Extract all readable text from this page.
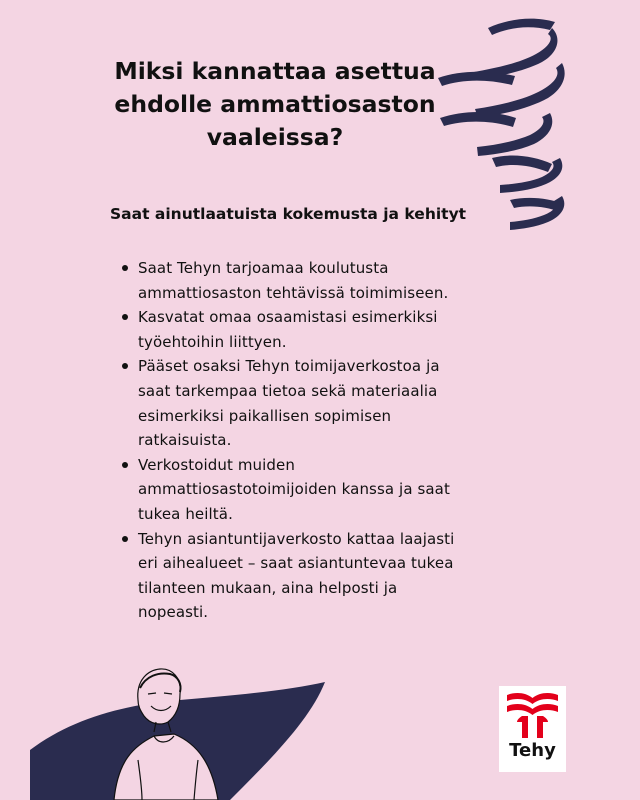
Miksi kannattaa asettua
ehdolle ammattiosaston
vaaleissa?
Saat ainutlaatuista kokemusta ja kehityt
Saat Tehyn tarjoamaa koulutusta
ammattiosaston tehtävissä toimimiseen.
Kasvatat omaa osaamistasi esimerkiksi
työehtoihin liittyen.
Pääset osaksi Tehyn toimijaverkostoa ja
saat tarkempaa tietoa sekä materiaalia
esimerkiksi paikallisen sopimisen
ratkaisuista.
Verkostoidut muiden
ammattiosastotoimijoiden kanssa ja saat
tukea heiltä.
Tehyn asiantuntijaverkosto kattaa laajasti
eri aihealueet – saat asiantuntevaa tukea
tilanteen mukaan, aina helposti ja
nopeasti.
Tehy
